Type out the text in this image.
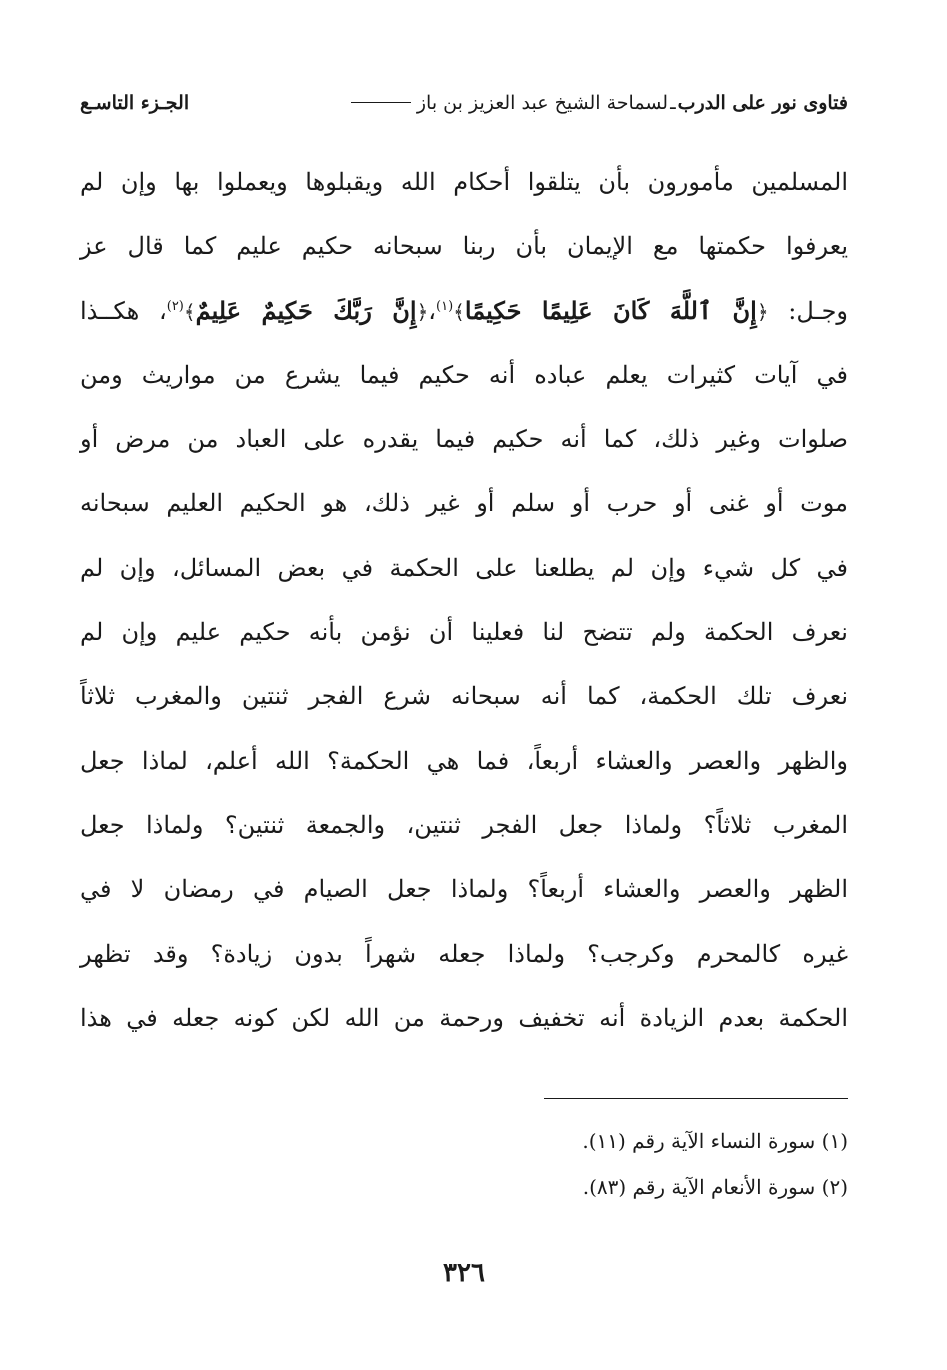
فتاوى نور على الدرب
ـ
لسماحة الشيخ عبد العزيز بن باز
الجـزء التاسـع
المسلمين مأمورون بأن يتلقوا أحكام الله ويقبلوها ويعملوا بها وإن لم
يعرفوا حكمتها مع الإيمان بأن ربنا سبحانه حكيم عليم كما قال عز
وجـل: ﴿إِنَّ ٱللَّهَ كَانَ عَلِيمًا حَكِيمًا﴾$^{(١)}$،﴿إِنَّ رَبَّكَ حَكِيمٌ عَلِيمٌ﴾$^{(٢)}$، هكــذا
في آيات كثيرات يعلم عباده أنه حكيم فيما يشرع من مواريث ومن
صلوات وغير ذلك، كما أنه حكيم فيما يقدره على العباد من مرض أو
موت أو غنى أو حرب أو سلم أو غير ذلك، هو الحكيم العليم سبحانه
في كل شيء وإن لم يطلعنا على الحكمة في بعض المسائل، وإن لم
نعرف الحكمة ولم تتضح لنا فعلينا أن نؤمن بأنه حكيم عليم وإن لم
نعرف تلك الحكمة، كما أنه سبحانه شرع الفجر ثنتين والمغرب ثلاثاً
والظهر والعصر والعشاء أربعاً، فما هي الحكمة؟ الله أعلم، لماذا جعل
المغرب ثلاثاً؟ ولماذا جعل الفجر ثنتين، والجمعة ثنتين؟ ولماذا جعل
الظهر والعصر والعشاء أربعاً؟ ولماذا جعل الصيام في رمضان لا في
غيره كالمحرم وكرجب؟ ولماذا جعله شهراً بدون زيادة؟ وقد تظهر
الحكمة بعدم الزيادة أنه تخفيف ورحمة من الله لكن كونه جعله في هذا
(١) سورة النساء الآية رقم (١١).
(٢) سورة الأنعام الآية رقم (٨٣).
٣٢٦
